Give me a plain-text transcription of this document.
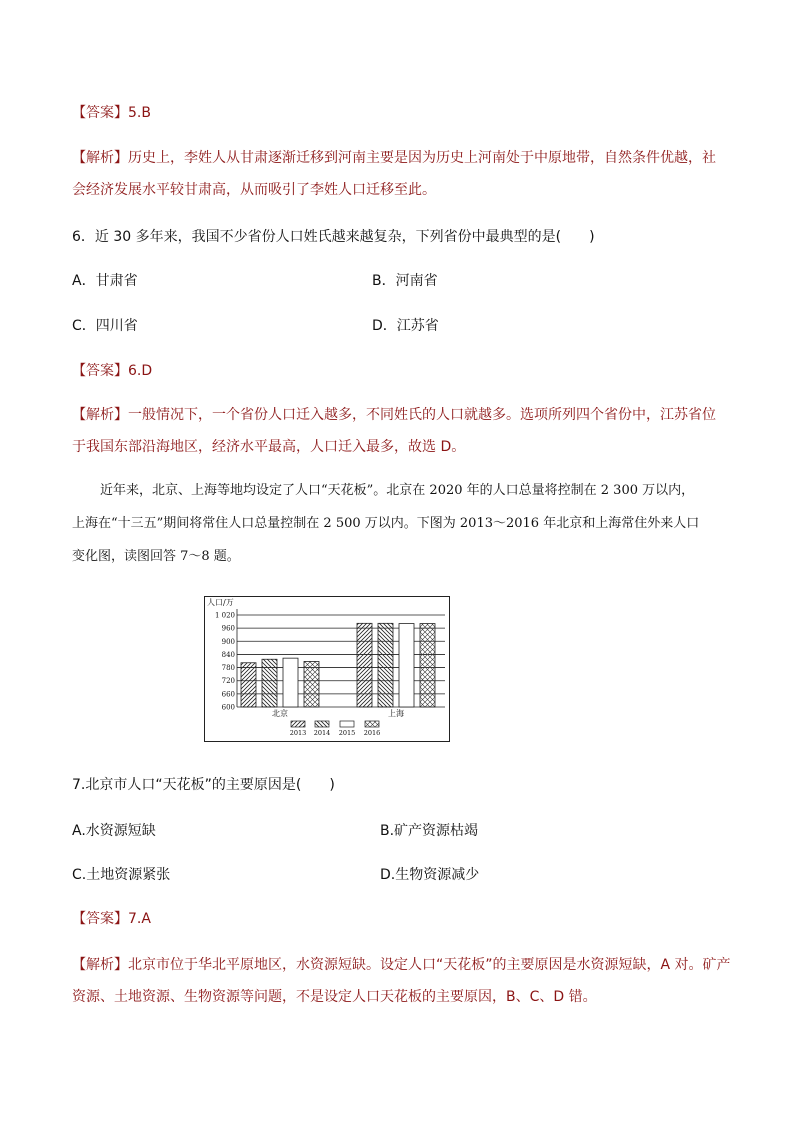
【答案】5.B
【解析】历史上，李姓人从甘肃逐渐迁移到河南主要是因为历史上河南处于中原地带，自然条件优越，社
会经济发展水平较甘肃高，从而吸引了李姓人口迁移至此。
6．近 30 多年来，我国不少省份人口姓氏越来越复杂，下列省份中最典型的是(　　)
A．甘肃省	B．河南省
C．四川省	D．江苏省
【答案】6.D
【解析】一般情况下，一个省份人口迁入越多，不同姓氏的人口就越多。选项所列四个省份中，江苏省位
于我国东部沿海地区，经济水平最高，人口迁入最多，故选 D。
近年来，北京、上海等地均设定了人口“天花板”。北京在 2020 年的人口总量将控制在 2 300 万以内，
上海在“十三五”期间将常住人口总量控制在 2 500 万以内。下图为 2013～2016 年北京和上海常住外来人口
变化图，读图回答 7～8 题。
人口/万
1 020
960
900
840
780
720
660
600
北京	上海
2013 2014 2015 2016
7.北京市人口“天花板”的主要原因是(　　)
A.水资源短缺	B.矿产资源枯竭
C.土地资源紧张	D.生物资源减少
【答案】7.A
【解析】北京市位于华北平原地区，水资源短缺。设定人口“天花板”的主要原因是水资源短缺，A 对。矿产
资源、土地资源、生物资源等问题，不是设定人口天花板的主要原因，B、C、D 错。
